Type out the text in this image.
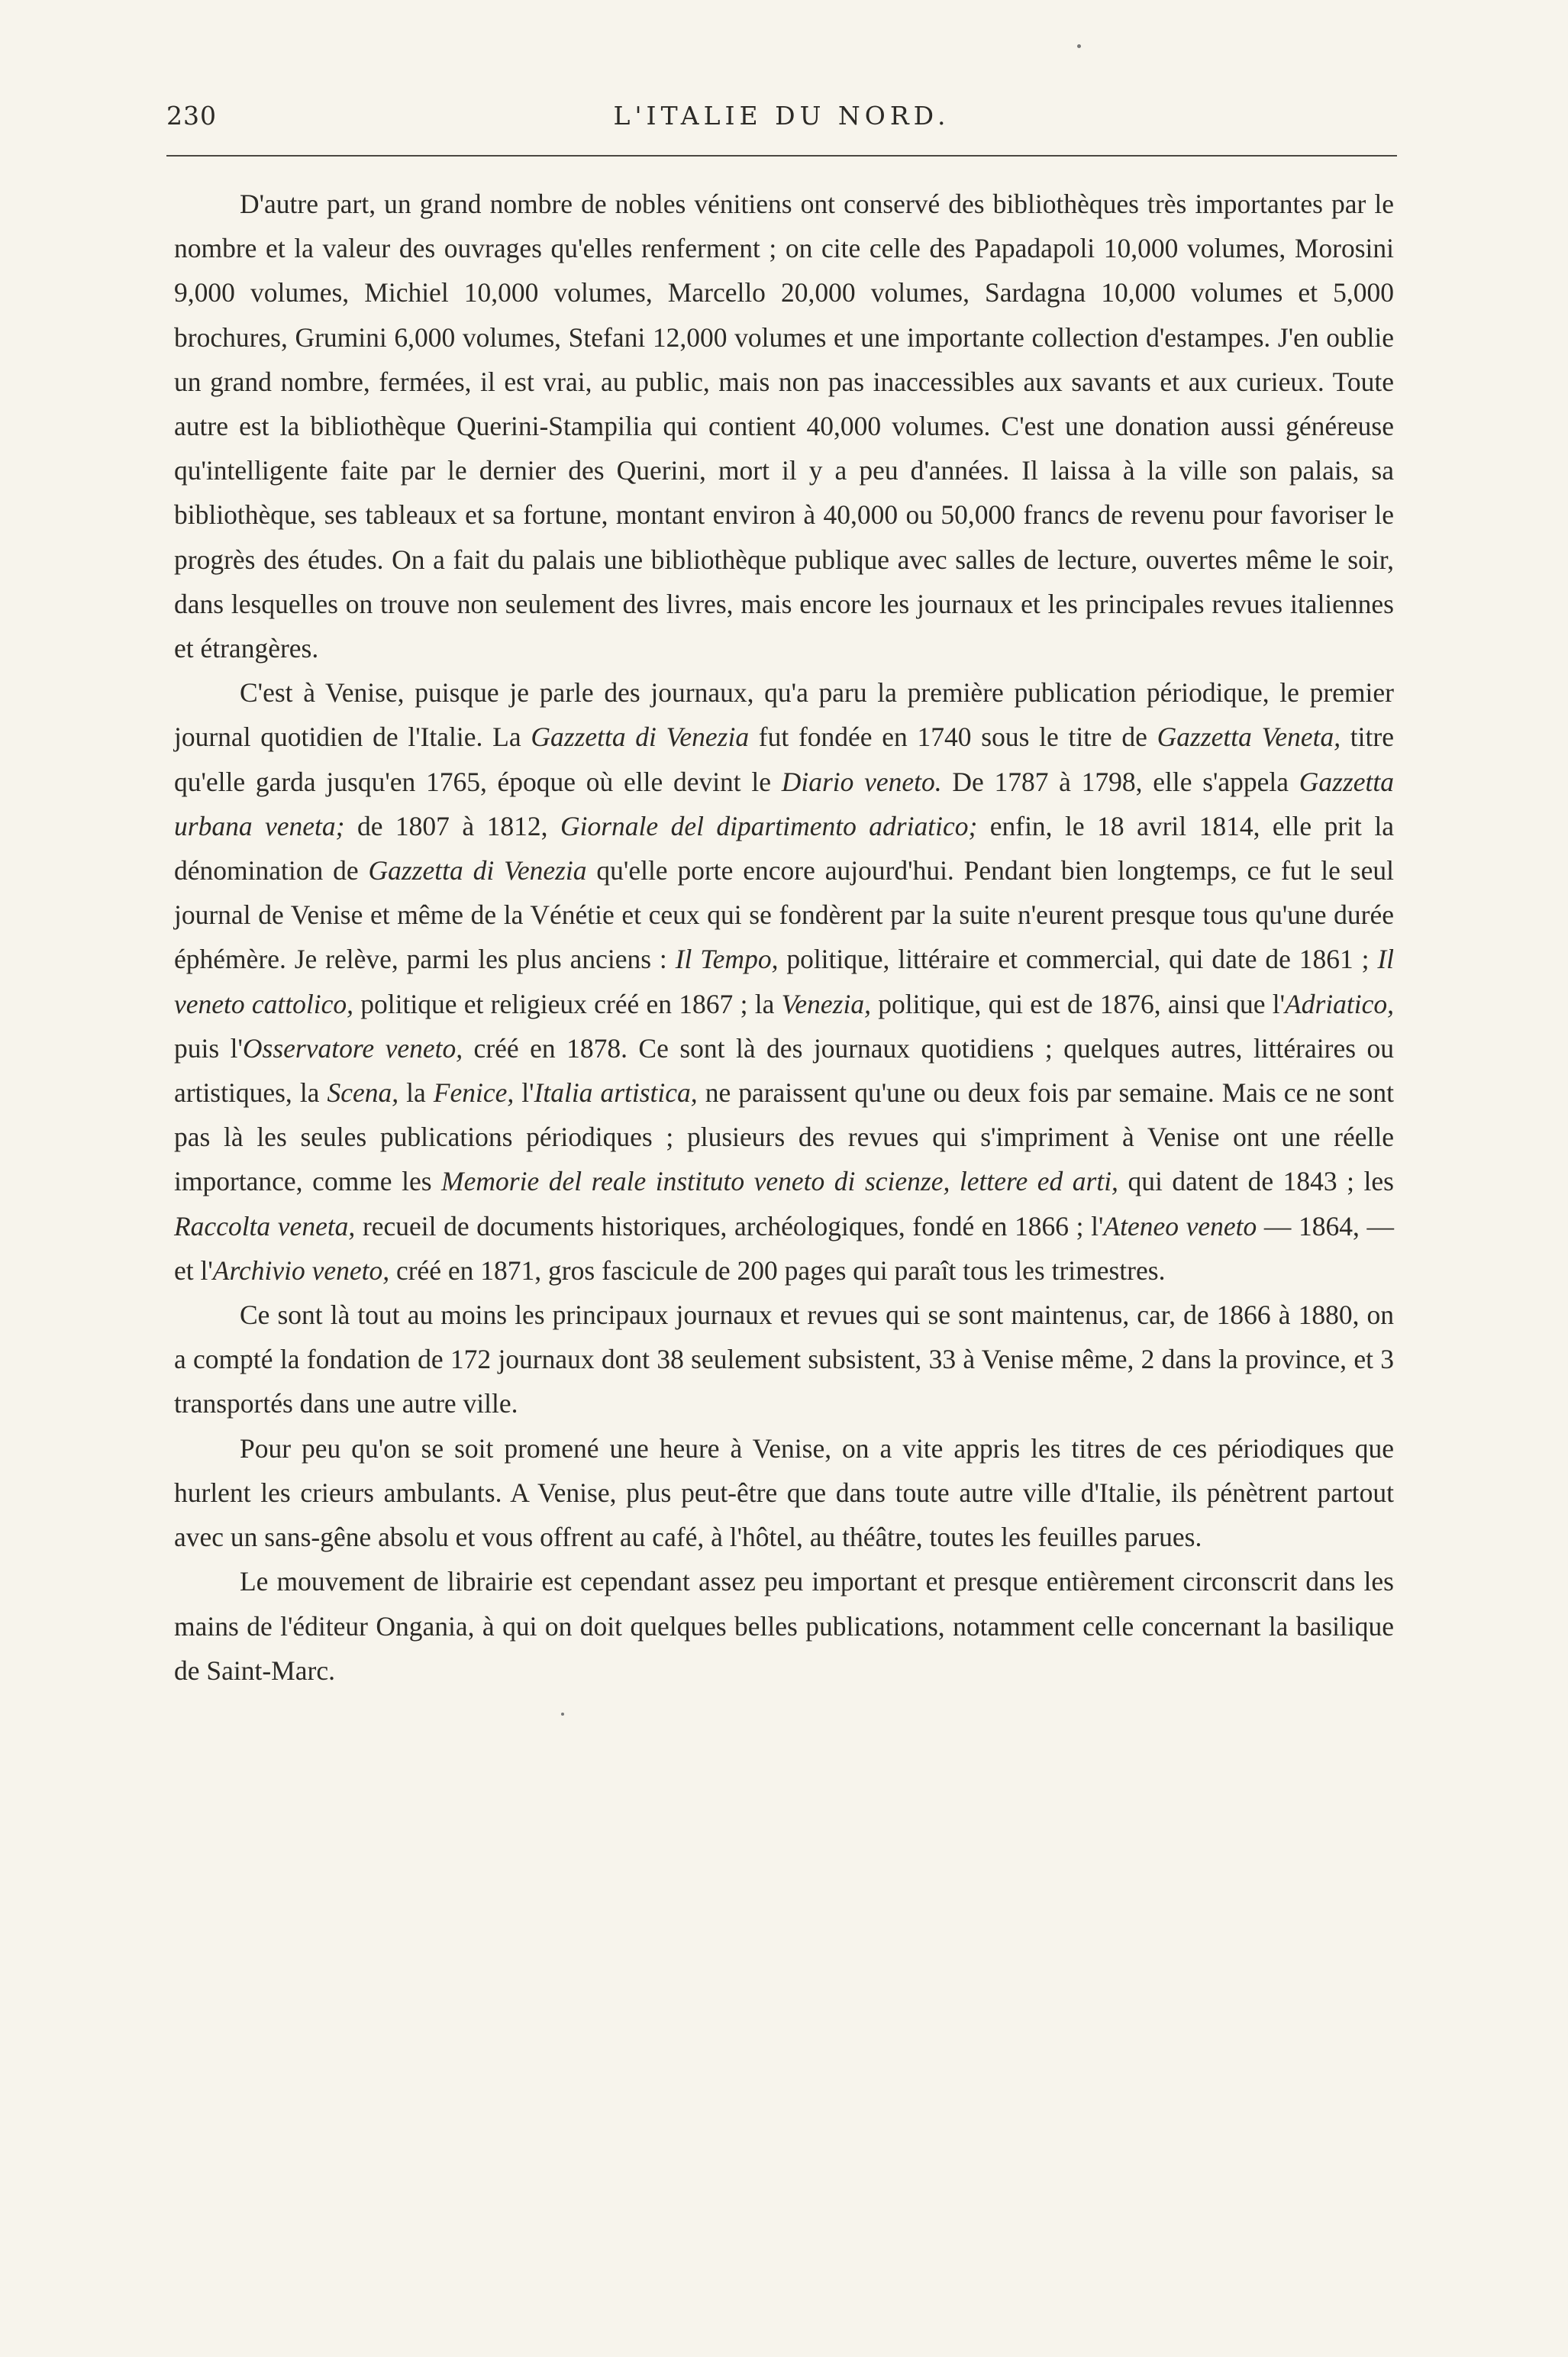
230	L'ITALIE DU NORD.

D'autre part, un grand nombre de nobles vénitiens ont conservé des bibliothèques très importantes par le nombre et la valeur des ouvrages qu'elles renferment ; on cite celle des Papadapoli 10,000 volumes, Morosini 9,000 volumes, Michiel 10,000 volumes, Marcello 20,000 volumes, Sardagna 10,000 volumes et 5,000 brochures, Grumini 6,000 volumes, Stefani 12,000 volumes et une importante collection d'estampes. J'en oublie un grand nombre, fermées, il est vrai, au public, mais non pas inaccessibles aux savants et aux curieux. Toute autre est la bibliothèque Querini-Stampilia qui contient 40,000 volumes. C'est une donation aussi généreuse qu'intelligente faite par le dernier des Querini, mort il y a peu d'années. Il laissa à la ville son palais, sa bibliothèque, ses tableaux et sa fortune, montant environ à 40,000 ou 50,000 francs de revenu pour favoriser le progrès des études. On a fait du palais une bibliothèque publique avec salles de lecture, ouvertes même le soir, dans lesquelles on trouve non seulement des livres, mais encore les journaux et les principales revues italiennes et étrangères.

C'est à Venise, puisque je parle des journaux, qu'a paru la première publication périodique, le premier journal quotidien de l'Italie. La Gazzetta di Venezia fut fondée en 1740 sous le titre de Gazzetta Veneta, titre qu'elle garda jusqu'en 1765, époque où elle devint le Diario veneto. De 1787 à 1798, elle s'appela Gazzetta urbana veneta; de 1807 à 1812, Giornale del dipartimento adriatico; enfin, le 18 avril 1814, elle prit la dénomination de Gazzetta di Venezia qu'elle porte encore aujourd'hui. Pendant bien longtemps, ce fut le seul journal de Venise et même de la Vénétie et ceux qui se fondèrent par la suite n'eurent presque tous qu'une durée éphémère. Je relève, parmi les plus anciens : Il Tempo, politique, littéraire et commercial, qui date de 1861 ; Il veneto cattolico, politique et religieux créé en 1867 ; la Venezia, politique, qui est de 1876, ainsi que l'Adriatico, puis l'Osservatore veneto, créé en 1878. Ce sont là des journaux quotidiens ; quelques autres, littéraires ou artistiques, la Scena, la Fenice, l'Italia artistica, ne paraissent qu'une ou deux fois par semaine. Mais ce ne sont pas là les seules publications périodiques ; plusieurs des revues qui s'impriment à Venise ont une réelle importance, comme les Memorie del reale instituto veneto di scienze, lettere ed arti, qui datent de 1843 ; les Raccolta veneta, recueil de documents historiques, archéologiques, fondé en 1866 ; l'Ateneo veneto — 1864, — et l'Archivio veneto, créé en 1871, gros fascicule de 200 pages qui paraît tous les trimestres.

Ce sont là tout au moins les principaux journaux et revues qui se sont maintenus, car, de 1866 à 1880, on a compté la fondation de 172 journaux dont 38 seulement subsistent, 33 à Venise même, 2 dans la province, et 3 transportés dans une autre ville.

Pour peu qu'on se soit promené une heure à Venise, on a vite appris les titres de ces périodiques que hurlent les crieurs ambulants. A Venise, plus peut-être que dans toute autre ville d'Italie, ils pénètrent partout avec un sans-gêne absolu et vous offrent au café, à l'hôtel, au théâtre, toutes les feuilles parues.

Le mouvement de librairie est cependant assez peu important et presque entièrement circonscrit dans les mains de l'éditeur Ongania, à qui on doit quelques belles publications, notamment celle concernant la basilique de Saint-Marc.
